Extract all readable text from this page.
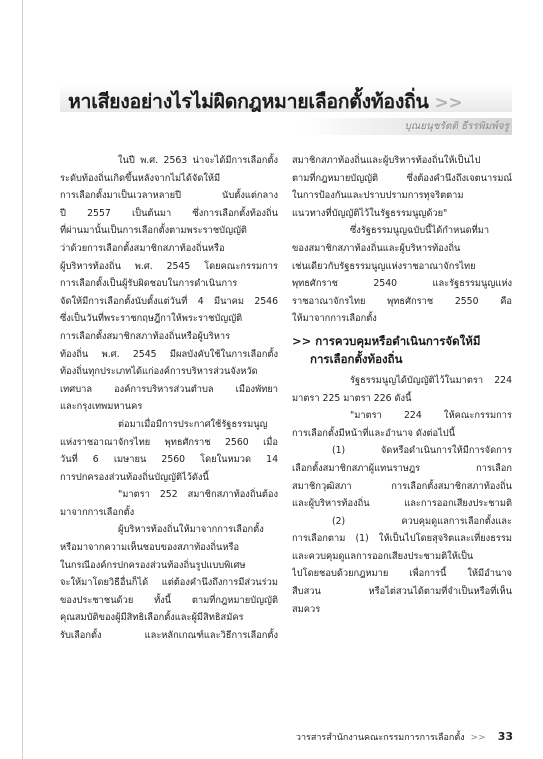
หาเสียงอย่างไรไม่ผิดกฎหมายเลือกตั้งท้องถิ่น >>
บุณยนุชรัตติ ธีรรพิมพ์จรู
ในปี พ.ศ. 2563 น่าจะได้มีการเลือกตั้ง
ระดับท้องถิ่นเกิดขึ้นหลังจากไม่ได้จัดให้มี
การเลือกตั้งมาเป็นเวลาหลายปี นับตั้งแต่กลาง
ปี 2557 เป็นต้นมา ซึ่งการเลือกตั้งท้องถิ่น
ที่ผ่านมานั้นเป็นการเลือกตั้งตามพระราชบัญญัติ
ว่าด้วยการเลือกตั้งสมาชิกสภาท้องถิ่นหรือ
ผู้บริหารท้องถิ่น พ.ศ. 2545 โดยคณะกรรมการ
การเลือกตั้งเป็นผู้รับผิดชอบในการดำเนินการ
จัดให้มีการเลือกตั้งนับตั้งแต่วันที่ 4 มีนาคม 2546
ซึ่งเป็นวันที่พระราชกฤษฎีกาให้พระราชบัญญัติ
การเลือกตั้งสมาชิกสภาท้องถิ่นหรือผู้บริหาร
ท้องถิ่น พ.ศ. 2545 มีผลบังคับใช้ในการเลือกตั้ง
ท้องถิ่นทุกประเภทได้แก่องค์การบริหารส่วนจังหวัด
เทศบาล องค์การบริหารส่วนตำบล เมืองพัทยา
และกรุงเทพมหานคร
ต่อมาเมื่อมีการประกาศใช้รัฐธรรมนูญ
แห่งราชอาณาจักรไทย พุทธศักราช 2560 เมื่อ
วันที่ 6 เมษายน 2560 โดยในหมวด 14
การปกครองส่วนท้องถิ่นบัญญัติไว้ดังนี้
"มาตรา 252 สมาชิกสภาท้องถิ่นต้อง
มาจากการเลือกตั้ง
ผู้บริหารท้องถิ่นให้มาจากการเลือกตั้ง
หรือมาจากความเห็นชอบของสภาท้องถิ่นหรือ
ในกรณีองค์กรปกครองส่วนท้องถิ่นรูปแบบพิเศษ
จะให้มาโดยวิธีอื่นก็ได้ แต่ต้องคำนึงถึงการมีส่วนร่วม
ของประชาชนด้วย ทั้งนี้ ตามที่กฎหมายบัญญัติ
คุณสมบัติของผู้มีสิทธิเลือกตั้งและผู้มีสิทธิสมัคร
รับเลือกตั้ง และหลักเกณฑ์และวิธีการเลือกตั้ง
สมาชิกสภาท้องถิ่นและผู้บริหารท้องถิ่นให้เป็นไป
ตามที่กฎหมายบัญญัติ ซึ่งต้องคำนึงถึงเจตนารมณ์
ในการป้องกันและปราบปรามการทุจริตตาม
แนวทางที่บัญญัติไว้ในรัฐธรรมนูญด้วย"
ซึ่งรัฐธรรมนูญฉบับนี้ได้กำหนดที่มา
ของสมาชิกสภาท้องถิ่นและผู้บริหารท้องถิ่น
เช่นเดียวกับรัฐธรรมนูญแห่งราชอาณาจักรไทย
พุทธศักราช 2540 และรัฐธรรมนูญแห่ง
ราชอาณาจักรไทย พุทธศักราช 2550 คือ
ให้มาจากการเลือกตั้ง
>> การควบคุมหรือดำเนินการจัดให้มี
การเลือกตั้งท้องถิ่น
รัฐธรรมนูญได้บัญญัติไว้ในมาตรา 224
มาตรา 225 มาตรา 226 ดังนี้
"มาตรา 224 ให้คณะกรรมการ
การเลือกตั้งมีหน้าที่และอำนาจ ดังต่อไปนี้
(1) จัดหรือดำเนินการให้มีการจัดการ
เลือกตั้งสมาชิกสภาผู้แทนราษฎร การเลือก
สมาชิกวุฒิสภา การเลือกตั้งสมาชิกสภาท้องถิ่น
และผู้บริหารท้องถิ่น และการออกเสียงประชามติ
(2) ควบคุมดูแลการเลือกตั้งและ
การเลือกตาม (1) ให้เป็นไปโดยสุจริตและเที่ยงธรรม
และควบคุมดูแลการออกเสียงประชามติให้เป็น
ไปโดยชอบด้วยกฎหมาย เพื่อการนี้ ให้มีอำนาจ
สืบสวน หรือไต่สวนได้ตามที่จำเป็นหรือที่เห็น
สมควร
วารสารสำนักงานคณะกรรมการการเลือกตั้ง >> 33
